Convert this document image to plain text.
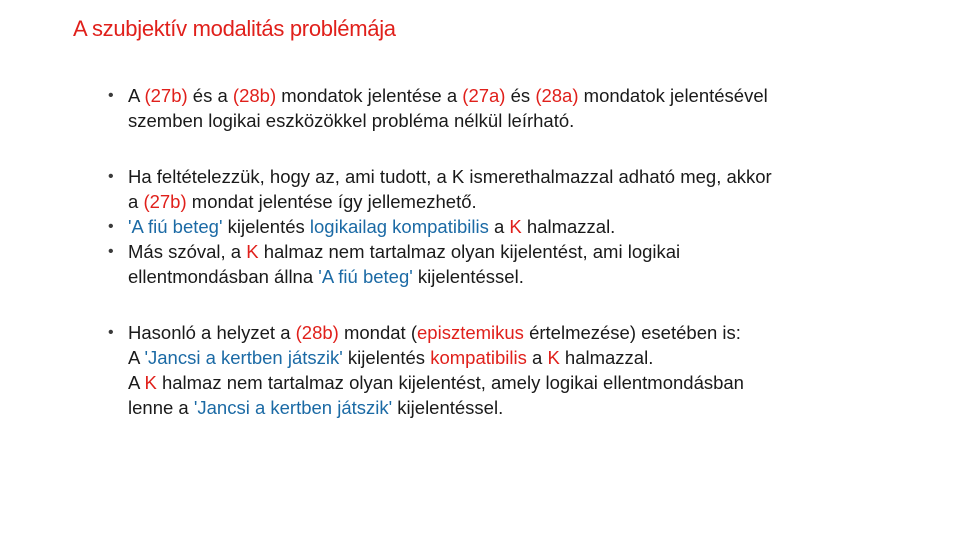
A szubjektív modalitás problémája
• A (27b) és a (28b) mondatok jelentése a (27a) és (28a) mondatok jelentésével
szemben logikai eszközökkel probléma nélkül leírható.
• Ha feltételezzük, hogy az, ami tudott, a K ismerethalmazzal adható meg, akkor
a (27b) mondat jelentése így jellemezhető.
• 'A fiú beteg' kijelentés logikailag kompatibilis a K halmazzal.
• Más szóval, a K halmaz nem tartalmaz olyan kijelentést, ami logikai
ellentmondásban állna 'A fiú beteg' kijelentéssel.
• Hasonló a helyzet a (28b) mondat (episztemikus értelmezése) esetében is:
A 'Jancsi a kertben játszik' kijelentés kompatibilis a K halmazzal.
A K halmaz nem tartalmaz olyan kijelentést, amely logikai ellentmondásban
lenne a 'Jancsi a kertben játszik' kijelentéssel.
